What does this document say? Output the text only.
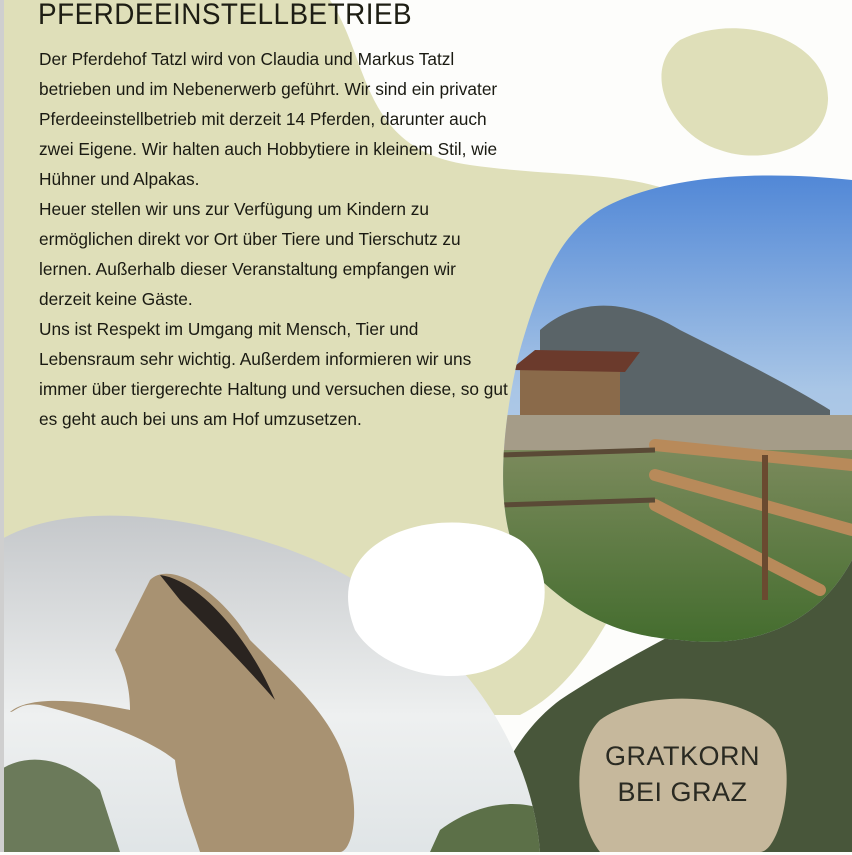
PFERDEEINSTELLBETRIEB

Der Pferdehof Tatzl wird von Claudia und Markus Tatzl betrieben und im Nebenerwerb geführt. Wir sind ein privater Pferdeeinstellbetrieb mit derzeit 14 Pferden, darunter auch zwei Eigene. Wir halten auch Hobbytiere in kleinem Stil, wie Hühner und Alpakas.

Heuer stellen wir uns zur Verfügung um Kindern zu ermöglichen direkt vor Ort über Tiere und Tierschutz zu lernen. Außerhalb dieser Veranstaltung empfangen wir derzeit keine Gäste.

Uns ist Respekt im Umgang mit Mensch, Tier und Lebensraum sehr wichtig. Außerdem informieren wir uns immer über tiergerechte Haltung und versuchen diese, so gut es geht auch bei uns am Hof umzusetzen.

GRATKORN
BEI GRAZ
